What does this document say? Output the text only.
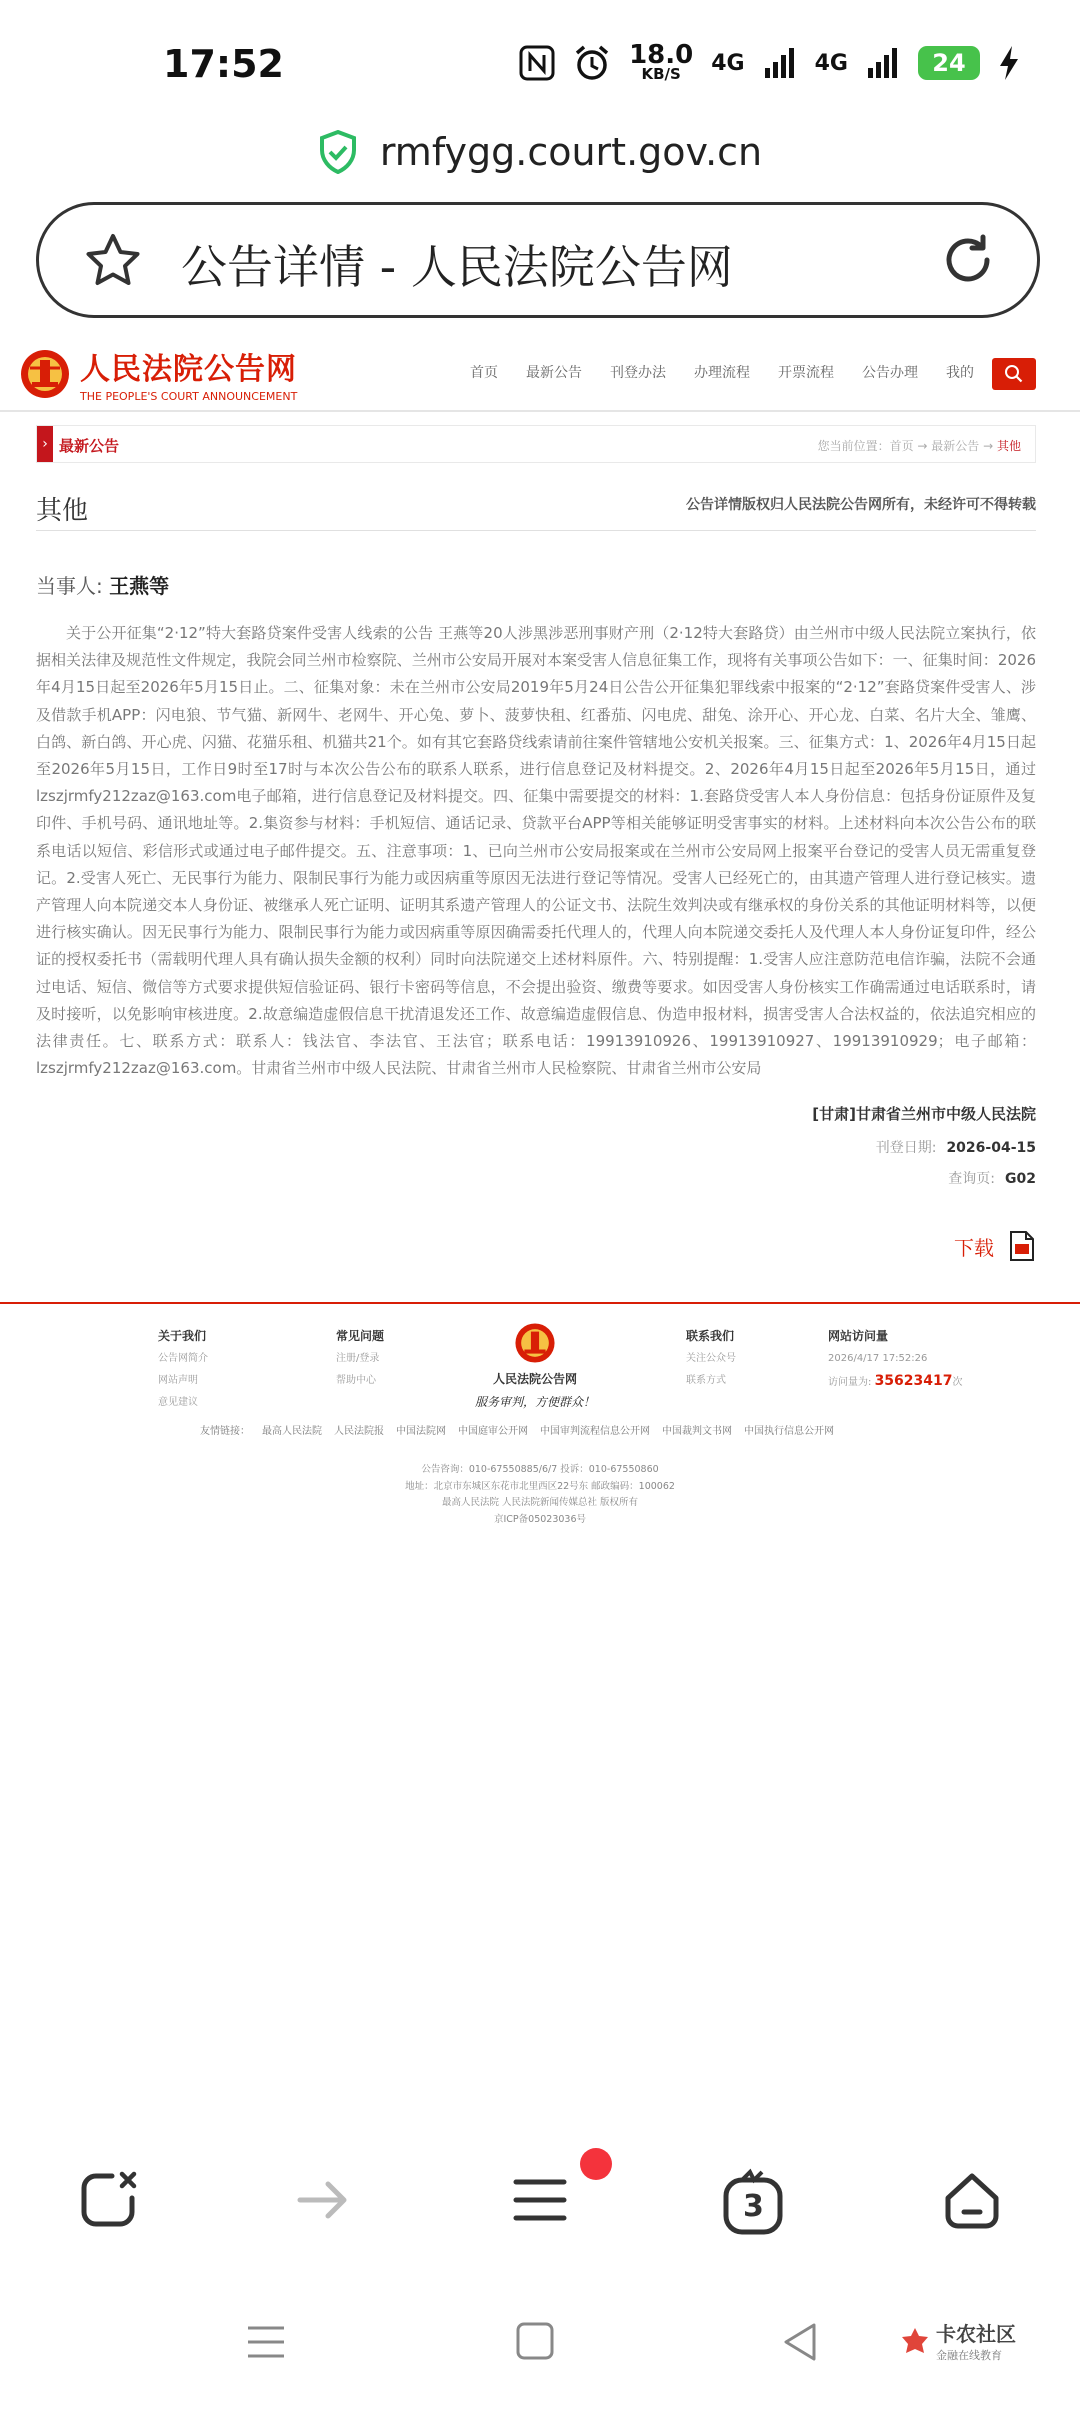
17:52	18.0
KB/S	4G	4G	24
rmfygg.court.gov.cn
公告详情 - 人民法院公告网
人民法院公告网
THE PEOPLE'S COURT ANNOUNCEMENT
首页 最新公告 刊登办法 办理流程 开票流程 公告办理 我的
› 最新公告	您当前位置：首页 → 最新公告 → 其他
其他	公告详情版权归人民法院公告网所有，未经许可不得转载
当事人: 王燕等

关于公开征集“2·12”特大套路贷案件受害人线索的公告 王燕等20人涉黑涉恶刑事财产刑（2·12特大套路贷）由兰州市中级人民法院立案执行，依据相关法律及规范性文件规定，我院会同兰州市检察院、兰州市公安局开展对本案受害人信息征集工作，现将有关事项公告如下：一、征集时间：2026年4月15日起至2026年5月15日止。二、征集对象：未在兰州市公安局2019年5月24日公告公开征集犯罪线索中报案的“2·12”套路贷案件受害人、涉及借款手机APP：闪电狼、节气猫、新网牛、老网牛、开心兔、萝卜、菠萝快租、红番茄、闪电虎、甜兔、涂开心、开心龙、白菜、名片大全、雏鹰、白鸽、新白鸽、开心虎、闪猫、花猫乐租、机猫共21个。如有其它套路贷线索请前往案件管辖地公安机关报案。三、征集方式：1、2026年4月15日起至2026年5月15日，工作日9时至17时与本次公告公布的联系人联系，进行信息登记及材料提交。2、2026年4月15日起至2026年5月15日，通过lzszjrmfy212zaz@163.com电子邮箱，进行信息登记及材料提交。四、征集中需要提交的材料：1.套路贷受害人本人身份信息：包括身份证原件及复印件、手机号码、通讯地址等。2.集资参与材料：手机短信、通话记录、贷款平台APP等相关能够证明受害事实的材料。上述材料向本次公告公布的联系电话以短信、彩信形式或通过电子邮件提交。五、注意事项：1、已向兰州市公安局报案或在兰州市公安局网上报案平台登记的受害人员无需重复登记。2.受害人死亡、无民事行为能力、限制民事行为能力或因病重等原因无法进行登记等情况。受害人已经死亡的，由其遗产管理人进行登记核实。遗产管理人向本院递交本人身份证、被继承人死亡证明、证明其系遗产管理人的公证文书、法院生效判决或有继承权的身份关系的其他证明材料等，以便进行核实确认。因无民事行为能力、限制民事行为能力或因病重等原因确需委托代理人的，代理人向本院递交委托人及代理人本人身份证复印件，经公证的授权委托书（需载明代理人具有确认损失金额的权利）同时向法院递交上述材料原件。六、特别提醒：1.受害人应注意防范电信诈骗，法院不会通过电话、短信、微信等方式要求提供短信验证码、银行卡密码等信息，不会提出验资、缴费等要求。如因受害人身份核实工作确需通过电话联系时，请及时接听，以免影响审核进度。2.故意编造虚假信息干扰清退发还工作、故意编造虚假信息、伪造申报材料，损害受害人合法权益的，依法追究相应的法律责任。七、联系方式：联系人：钱法官、李法官、王法官；联系电话：19913910926、19913910927、19913910929；电子邮箱：lzszjrmfy212zaz@163.com。甘肃省兰州市中级人民法院、甘肃省兰州市人民检察院、甘肃省兰州市公安局

[甘肃]甘肃省兰州市中级人民法院
刊登日期: 2026-04-15
查询页: G02
下载
关于我们
公告网简介
网站声明
意见建议
常见问题
注册/登录
帮助中心	人民法院公告网
服务审判，方便群众！
联系我们
关注公众号
联系方式
网站访问量
2026/4/17 17:52:26
访问量为: 35623417次
友情链接： 最高人民法院 人民法院报 中国法院网 中国庭审公开网 中国审判流程信息公开网 中国裁判文书网 中国执行信息公开网
公告咨询：010-67550885/6/7 投诉：010-67550860
地址：北京市东城区东花市北里西区22号东 邮政编码：100062
最高人民法院 人民法院新闻传媒总社 版权所有
京ICP备05023036号
3
卡农社区
金融在线教育
